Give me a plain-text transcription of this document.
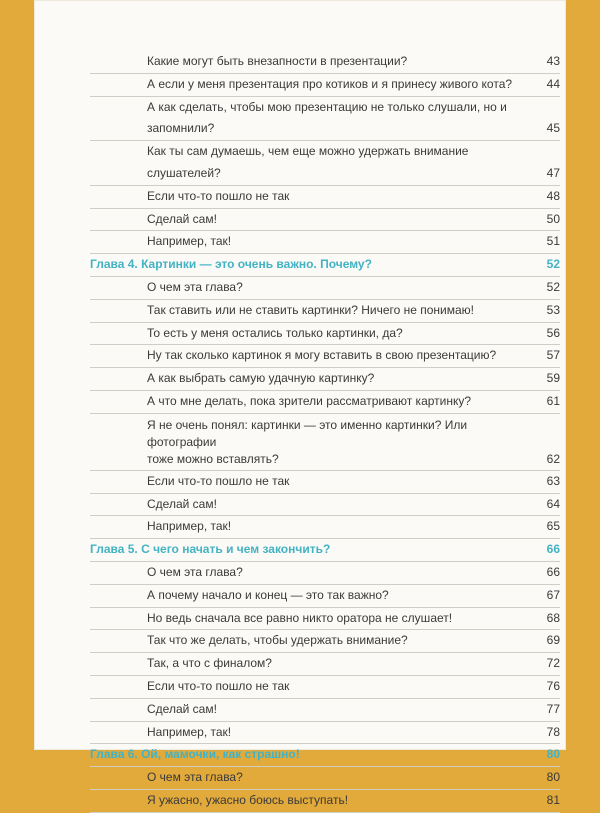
Какие могут быть внезапности в презентации?	43
А если у меня презентация про котиков и я принесу живого кота?	44
А как сделать, чтобы мою презентацию не только слушали, но и запомнили?	45
Как ты сам думаешь, чем еще можно удержать внимание слушателей?	47
Если что-то пошло не так	48
Сделай сам!	50
Например, так!	51
Глава 4. Картинки — это очень важно. Почему?	52
О чем эта глава?	52
Так ставить или не ставить картинки? Ничего не понимаю!	53
То есть у меня остались только картинки, да?	56
Ну так сколько картинок я могу вставить в свою презентацию?	57
А как выбрать самую удачную картинку?	59
А что мне делать, пока зрители рассматривают картинку?	61
Я не очень понял: картинки — это именно картинки? Или фотографии
тоже можно вставлять?	62
Если что-то пошло не так	63
Сделай сам!	64
Например, так!	65
Глава 5. С чего начать и чем закончить?	66
О чем эта глава?	66
А почему начало и конец — это так важно?	67
Но ведь сначала все равно никто оратора не слушает!	68
Так что же делать, чтобы удержать внимание?	69
Так, а что с финалом?	72
Если что-то пошло не так	76
Сделай сам!	77
Например, так!	78
Глава 6. Ой, мамочки, как страшно!	80
О чем эта глава?	80
Я ужасно, ужасно боюсь выступать!	81
